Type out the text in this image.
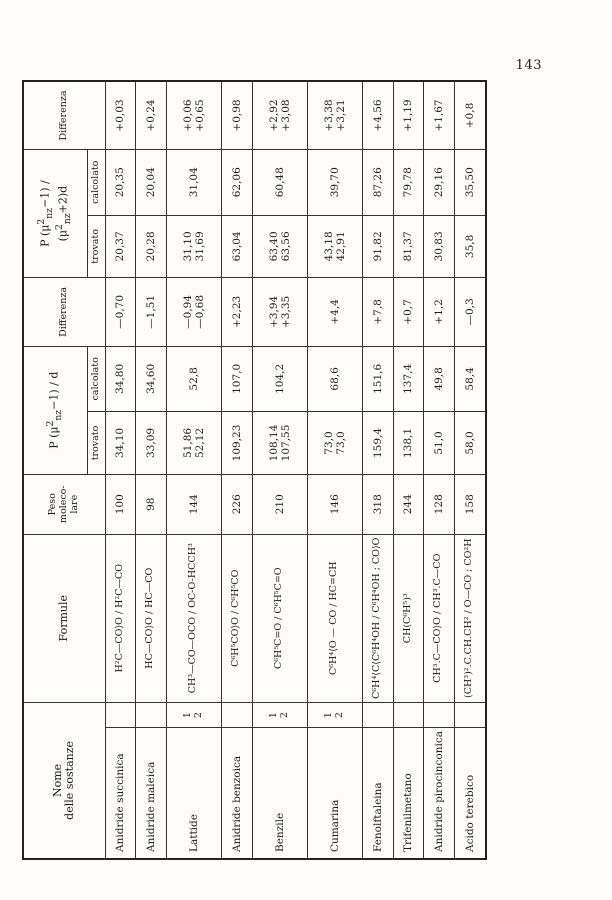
143
Nome delle sostanze		Formule	Peso moleco- lare	P $(\mu^2_{nz}-1) / d$		Differenza	P $(\mu^2_{nz}-1) / (\mu^2_{nz}+2)d$		Differenza
				trovato	calcolato		trovato	calcolato	
Anidride succinica		H²C—CO⟩O / H²C—CO	100	34,10	34,80	—0,70	20,37	20,35	+0,03
Anidride maleica		HC—CO⟩O / HC—CO	98	33,09	34,60	—1,51	20,28	20,04	+0,24
Lattide	1 2	CH³—CO—OCO / OC-O-HCCH³	144	51,86 52,12	52,8	—0,94 —0,68	31,10 31,69	31,04	+0,06 +0,65

Anidride benzoica		C⁶H⁵CO⟩O / C⁶H⁵CO	226	109,23	107,0	+2,23	63,04	62,06	+0,98
Benzile	1 2	C⁶H⁵C=O / C⁶H⁵C=O	210	108,14 107,55	104,2	+3,94 +3,35	63,40 63,56	60,48	+2,92 +3,08

Cumarina	1 2	C⁶H⁴⟨O — CO / HC=CH	146	73,0 73,0	68,6	+4,4	43,18 42,91	39,70	+3,38 +3,21

Fenolftaleina		C⁶H⁴⟨C⟨C⁶H⁴OH / C⁶H⁴OH ; CO⟩O	318	159,4	151,6	+7,8	91,82	87,26	+4,56
Trifenilmetano		CH(C⁶H⁵)³	244	138,1	137,4	+0,7	81,37	79,78	+1,19
Anidride pirocinconica		CH³.C—CO⟩O / CH³.C—CO	128	51,0	49,8	+1,2	30,83	29,16	+1,67
Acido terebico		(CH³)².C.CH.CH² / O—CO ; CO²H	158	58,0	58,4	—0,3	35,8	35,50	+0,8
